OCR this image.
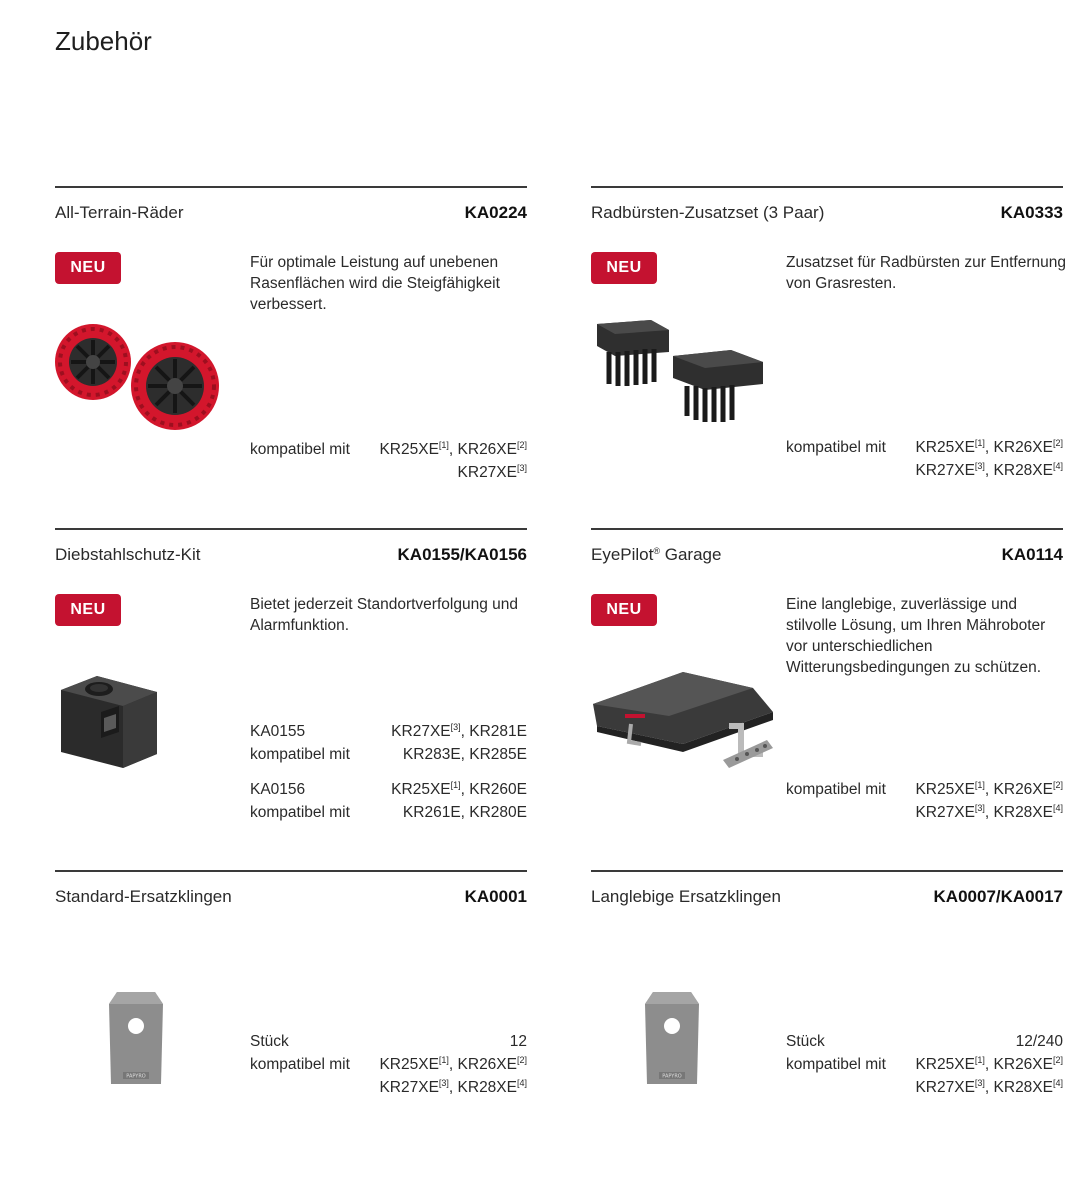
Zubehör
All-Terrain-Räder	KA0224
NEU	Für optimale Leistung auf unebenen Rasenflächen wird die Steigfähigkeit verbessert.

kompatibel mit KR25XE[1], KR26XE[2]
KR27XE[3]
Radbürsten-Zusatzset (3 Paar)	KA0333
NEU	Zusatzset für Radbürsten zur Entfernung von Grasresten.

kompatibel mit KR25XE[1], KR26XE[2]
KR27XE[3], KR28XE[4]
Diebstahlschutz-Kit	KA0155/KA0156
NEU	Bietet jederzeit Standortverfolgung und Alarmfunktion.

KA0155	KR27XE[3], KR281E
kompatibel mit	KR283E, KR285E
KA0156	KR25XE[1], KR260E
kompatibel mit	KR261E, KR280E
EyePilot® Garage	KA0114
NEU	Eine langlebige, zuverlässige und stilvolle Lösung, um Ihren Mähroboter vor unterschiedlichen Witterungsbedingungen zu schützen.

kompatibel mit KR25XE[1], KR26XE[2]
KR27XE[3], KR28XE[4]
Standard-Ersatzklingen	KA0001
PAPYRO
Stück	12
kompatibel mit KR25XE[1], KR26XE[2]
KR27XE[3], KR28XE[4]
Langlebige Ersatzklingen	KA0007/KA0017
PAPYRO
Stück	12/240
kompatibel mit KR25XE[1], KR26XE[2]
KR27XE[3], KR28XE[4]
